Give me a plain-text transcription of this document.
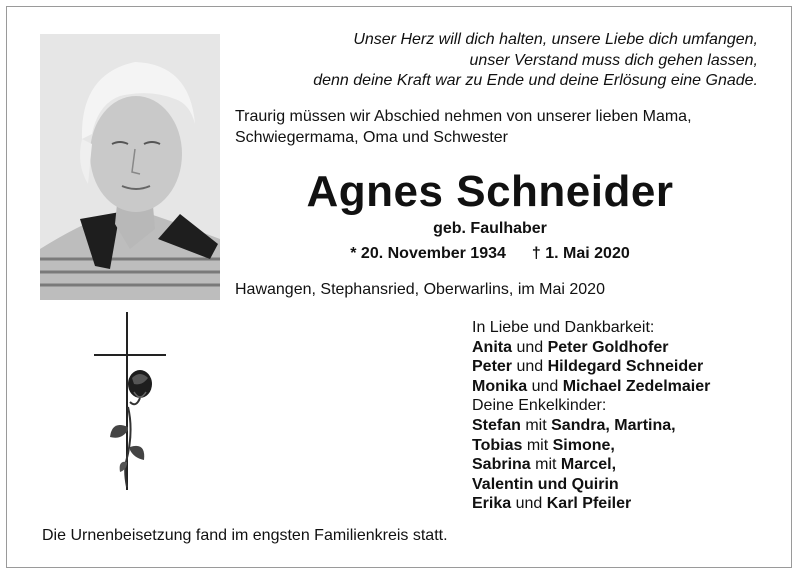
Unser Herz will dich halten, unsere Liebe dich umfangen,
unser Verstand muss dich gehen lassen,
denn deine Kraft war zu Ende und deine Erlösung eine Gnade.
Traurig müssen wir Abschied nehmen von unserer lieben Mama,
Schwiegermama, Oma und Schwester
Agnes Schneider
geb. Faulhaber
* 20. November 1934 † 1. Mai 2020
Hawangen, Stephansried, Oberwarlins, im Mai 2020
In Liebe und Dankbarkeit:
Anita und Peter Goldhofer
Peter und Hildegard Schneider
Monika und Michael Zedelmaier
Deine Enkelkinder:
Stefan mit Sandra, Martina,
Tobias mit Simone,
Sabrina mit Marcel,
Valentin und Quirin
Erika und Karl Pfeiler
Die Urnenbeisetzung fand im engsten Familienkreis statt.
